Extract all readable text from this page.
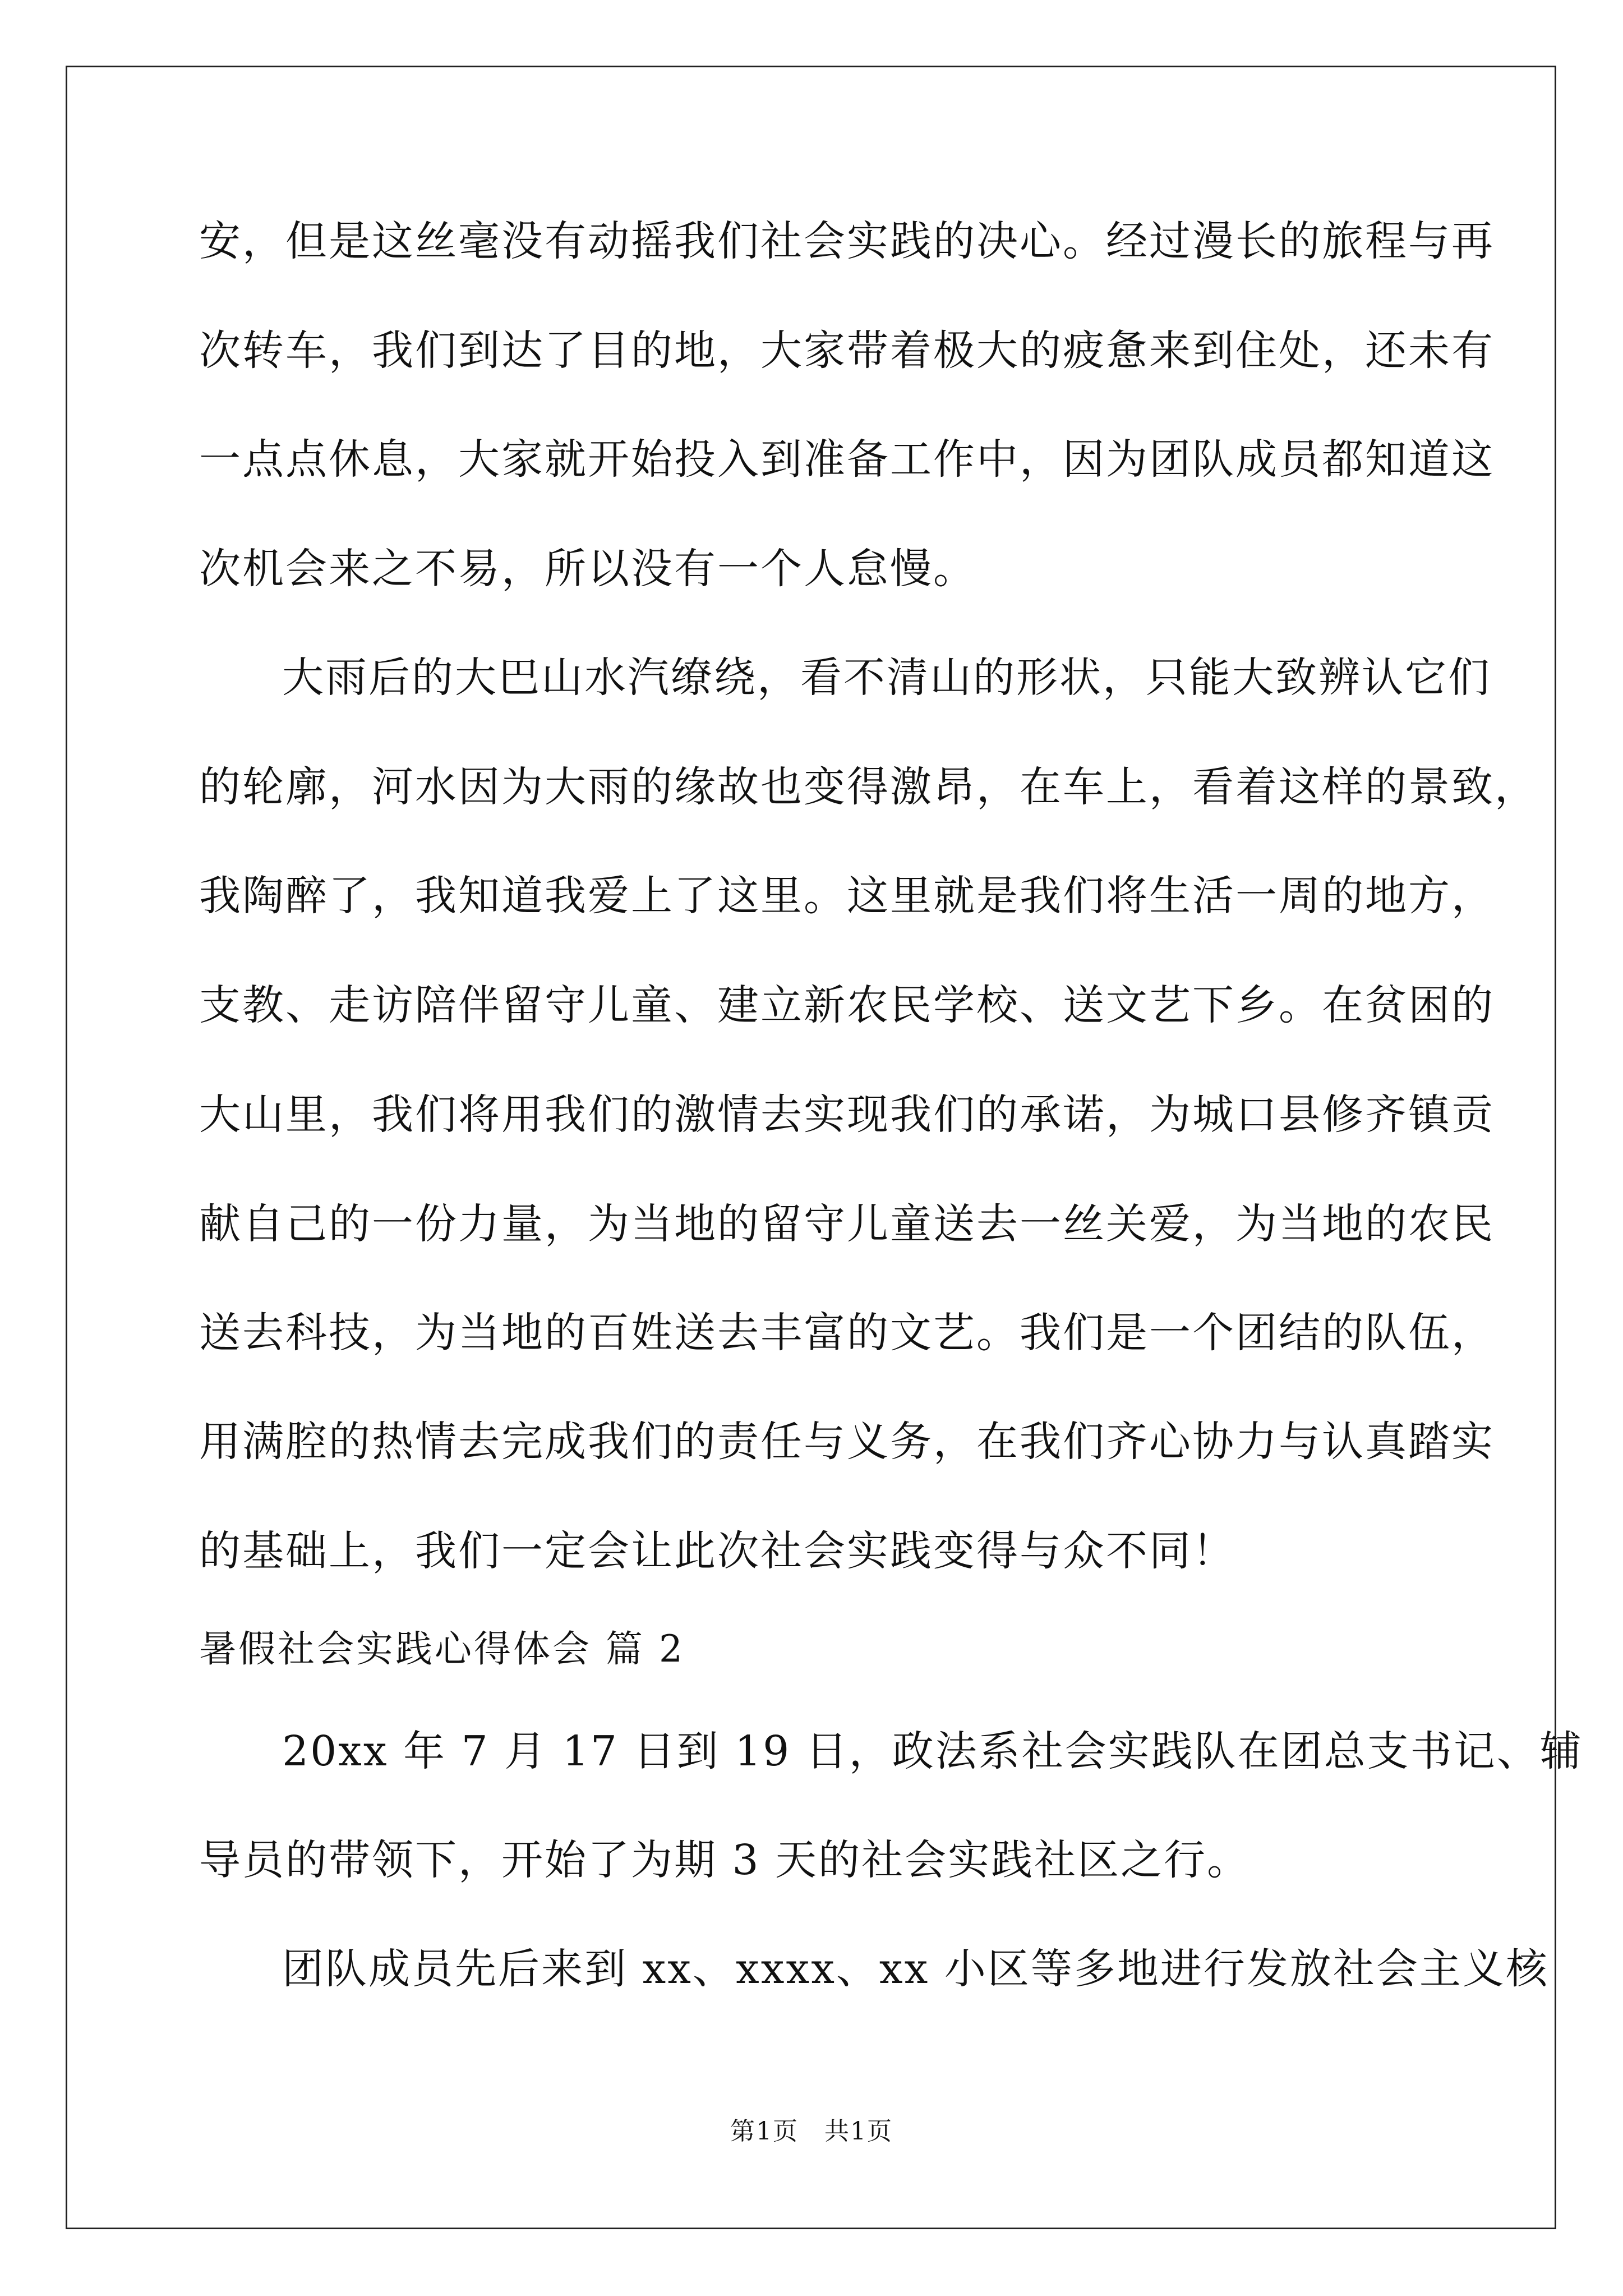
安，但是这丝毫没有动摇我们社会实践的决心。经过漫长的旅程与再
次转车，我们到达了目的地，大家带着极大的疲惫来到住处，还未有
一点点休息，大家就开始投入到准备工作中，因为团队成员都知道这
次机会来之不易，所以没有一个人怠慢。
大雨后的大巴山水汽缭绕，看不清山的形状，只能大致辨认它们
的轮廓，河水因为大雨的缘故也变得激昂，在车上，看着这样的景致，
我陶醉了，我知道我爱上了这里。这里就是我们将生活一周的地方，
支教、走访陪伴留守儿童、建立新农民学校、送文艺下乡。在贫困的
大山里，我们将用我们的激情去实现我们的承诺，为城口县修齐镇贡
献自己的一份力量，为当地的留守儿童送去一丝关爱，为当地的农民
送去科技，为当地的百姓送去丰富的文艺。我们是一个团结的队伍，
用满腔的热情去完成我们的责任与义务，在我们齐心协力与认真踏实
的基础上，我们一定会让此次社会实践变得与众不同！
暑假社会实践心得体会 篇 2
20xx 年 7 月 17 日到 19 日，政法系社会实践队在团总支书记、辅
导员的带领下，开始了为期 3 天的社会实践社区之行。
团队成员先后来到 xx、xxxx、xx 小区等多地进行发放社会主义核
第1页　共1页
